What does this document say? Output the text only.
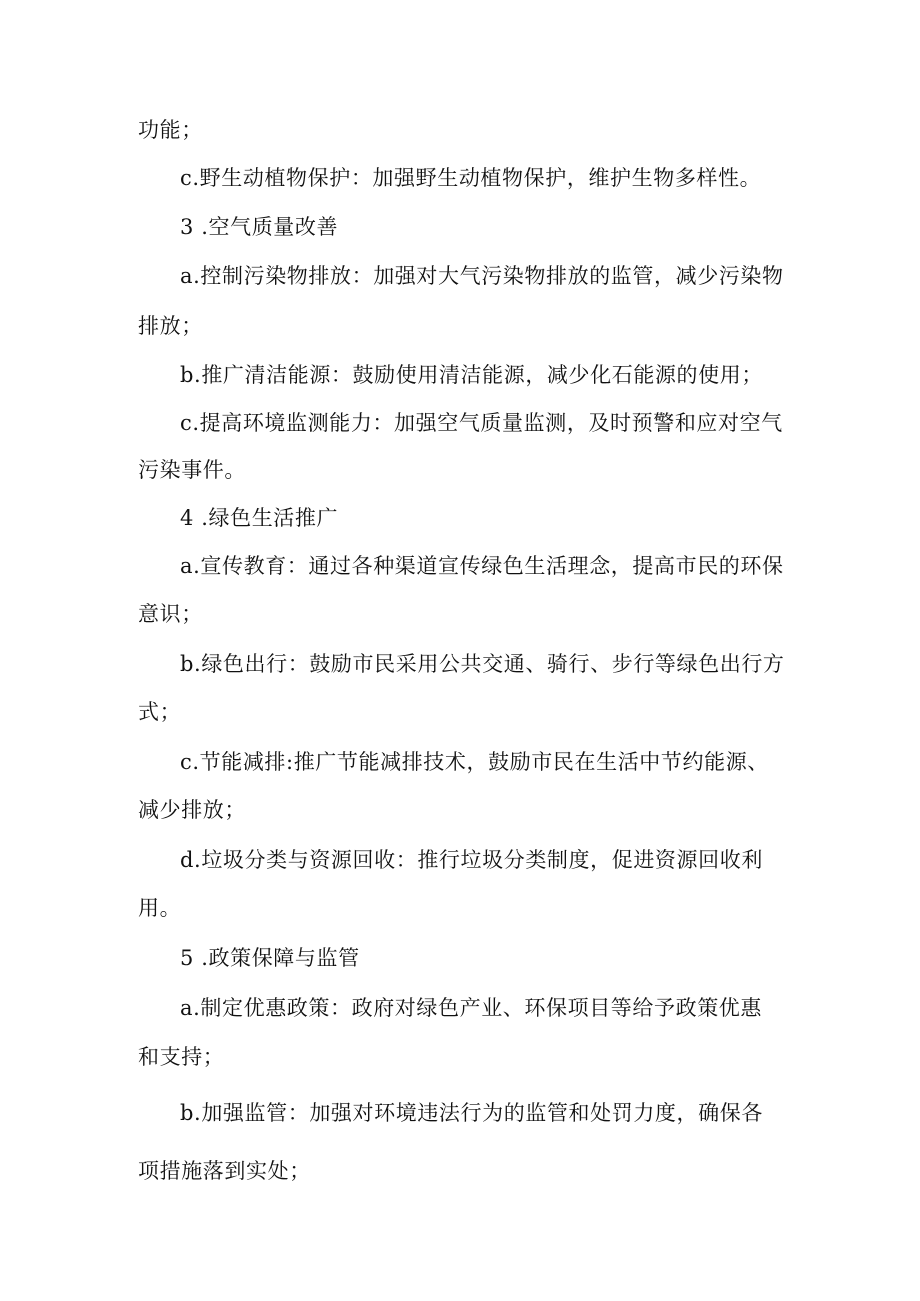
功能；
c.野生动植物保护：加强野生动植物保护，维护生物多样性。
3 .空气质量改善
a.控制污染物排放：加强对大气污染物排放的监管，减少污染物
排放；
b.推广清洁能源：鼓励使用清洁能源，减少化石能源的使用；
c.提高环境监测能力：加强空气质量监测，及时预警和应对空气
污染事件。
4 .绿色生活推广
a.宣传教育：通过各种渠道宣传绿色生活理念，提高市民的环保
意识；
b.绿色出行：鼓励市民采用公共交通、骑行、步行等绿色出行方
式；
c.节能减排:推广节能减排技术，鼓励市民在生活中节约能源、
减少排放；
d.垃圾分类与资源回收：推行垃圾分类制度，促进资源回收利
用。
5 .政策保障与监管
a.制定优惠政策：政府对绿色产业、环保项目等给予政策优惠
和支持；
b.加强监管：加强对环境违法行为的监管和处罚力度，确保各
项措施落到实处；
